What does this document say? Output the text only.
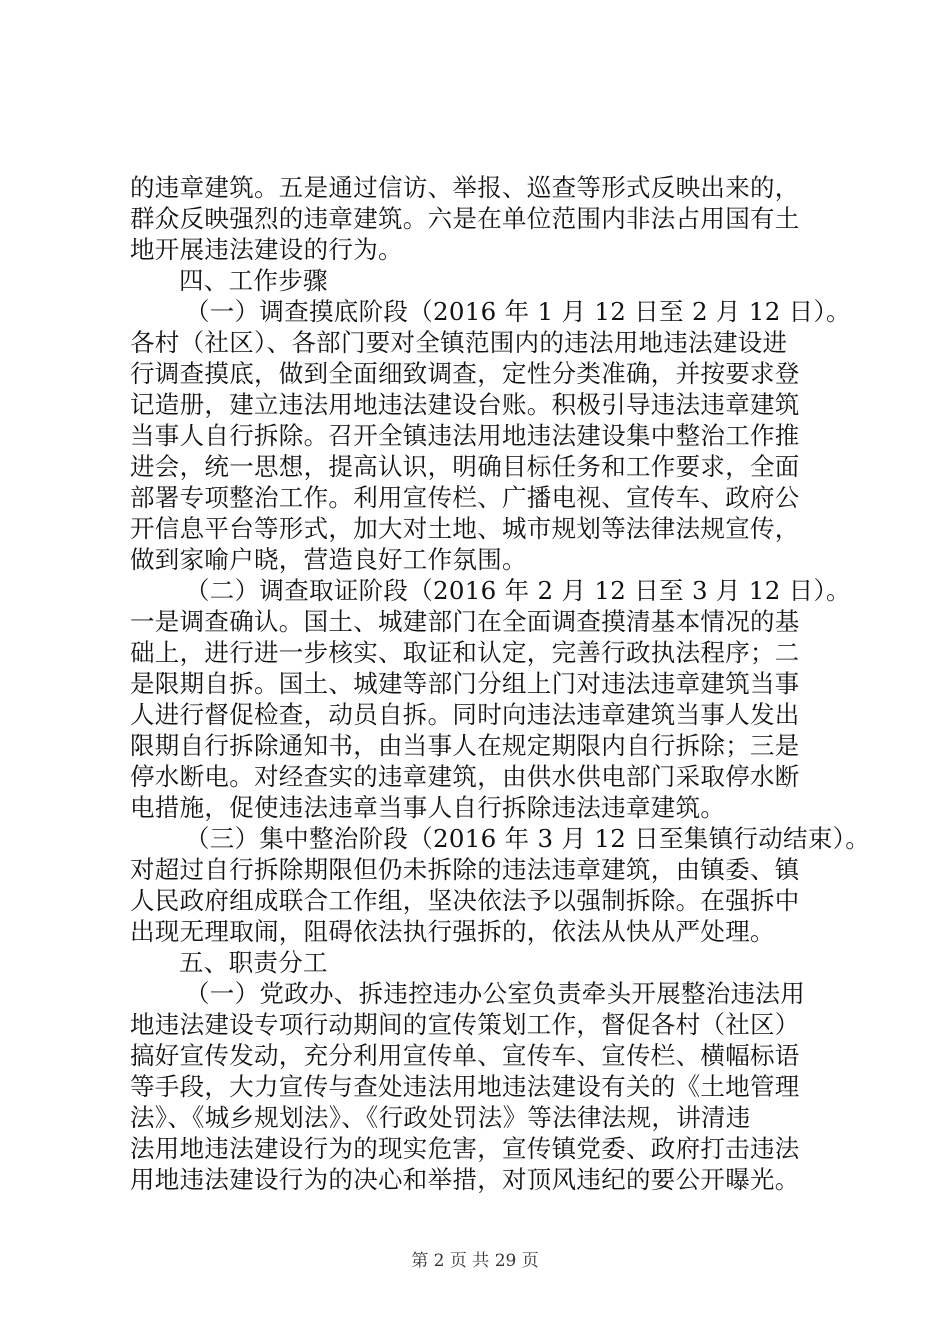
的违章建筑。五是通过信访、举报、巡查等形式反映出来的，
群众反映强烈的违章建筑。六是在单位范围内非法占用国有土
地开展违法建设的行为。
四、工作步骤
（一）调查摸底阶段（2016 年 1 月 12 日至 2 月 12 日）。
各村（社区）、各部门要对全镇范围内的违法用地违法建设进
行调查摸底，做到全面细致调查，定性分类准确，并按要求登
记造册，建立违法用地违法建设台账。积极引导违法违章建筑
当事人自行拆除。召开全镇违法用地违法建设集中整治工作推
进会，统一思想，提高认识，明确目标任务和工作要求，全面
部署专项整治工作。利用宣传栏、广播电视、宣传车、政府公
开信息平台等形式，加大对土地、城市规划等法律法规宣传，
做到家喻户晓，营造良好工作氛围。
（二）调查取证阶段（2016 年 2 月 12 日至 3 月 12 日）。
一是调查确认。国土、城建部门在全面调查摸清基本情况的基
础上，进行进一步核实、取证和认定，完善行政执法程序；二
是限期自拆。国土、城建等部门分组上门对违法违章建筑当事
人进行督促检查，动员自拆。同时向违法违章建筑当事人发出
限期自行拆除通知书，由当事人在规定期限内自行拆除；三是
停水断电。对经查实的违章建筑，由供水供电部门采取停水断
电措施，促使违法违章当事人自行拆除违法违章建筑。
（三）集中整治阶段（2016 年 3 月 12 日至集镇行动结束）。
对超过自行拆除期限但仍未拆除的违法违章建筑，由镇委、镇
人民政府组成联合工作组，坚决依法予以强制拆除。在强拆中
出现无理取闹，阻碍依法执行强拆的，依法从快从严处理。
五、职责分工
（一）党政办、拆违控违办公室负责牵头开展整治违法用
地违法建设专项行动期间的宣传策划工作，督促各村（社区）
搞好宣传发动，充分利用宣传单、宣传车、宣传栏、横幅标语
等手段，大力宣传与查处违法用地违法建设有关的《土地管理
法》、《城乡规划法》、《行政处罚法》等法律法规，讲清违
法用地违法建设行为的现实危害，宣传镇党委、政府打击违法
用地违法建设行为的决心和举措，对顶风违纪的要公开曝光。
第 2 页 共 29 页
